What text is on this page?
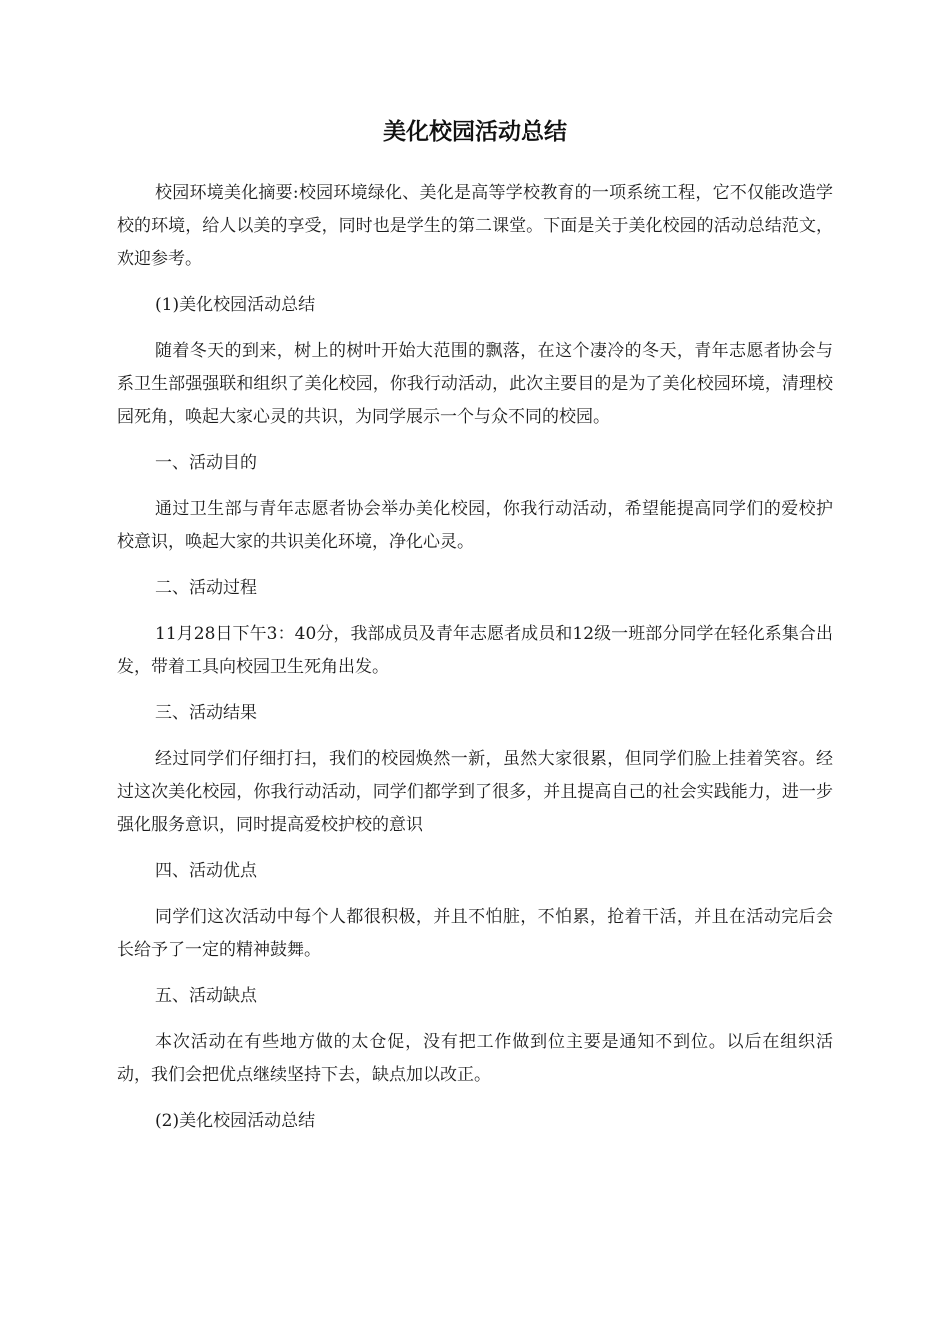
美化校园活动总结

校园环境美化摘要:校园环境绿化、美化是高等学校教育的一项系统工程，它不仅能改造学校的环境，给人以美的享受，同时也是学生的第二课堂。下面是关于美化校园的活动总结范文，欢迎参考。

(1)美化校园活动总结

随着冬天的到来，树上的树叶开始大范围的飘落，在这个凄冷的冬天，青年志愿者协会与系卫生部强强联和组织了美化校园，你我行动活动，此次主要目的是为了美化校园环境，清理校园死角，唤起大家心灵的共识，为同学展示一个与众不同的校园。

一、活动目的

通过卫生部与青年志愿者协会举办美化校园，你我行动活动，希望能提高同学们的爱校护校意识，唤起大家的共识美化环境，净化心灵。

二、活动过程

11月28日下午3：40分，我部成员及青年志愿者成员和12级一班部分同学在轻化系集合出发，带着工具向校园卫生死角出发。

三、活动结果

经过同学们仔细打扫，我们的校园焕然一新，虽然大家很累，但同学们脸上挂着笑容。经过这次美化校园，你我行动活动，同学们都学到了很多，并且提高自己的社会实践能力，进一步强化服务意识，同时提高爱校护校的意识

四、活动优点

同学们这次活动中每个人都很积极，并且不怕脏，不怕累，抢着干活，并且在活动完后会长给予了一定的精神鼓舞。

五、活动缺点

本次活动在有些地方做的太仓促，没有把工作做到位主要是通知不到位。以后在组织活动，我们会把优点继续坚持下去，缺点加以改正。

(2)美化校园活动总结
